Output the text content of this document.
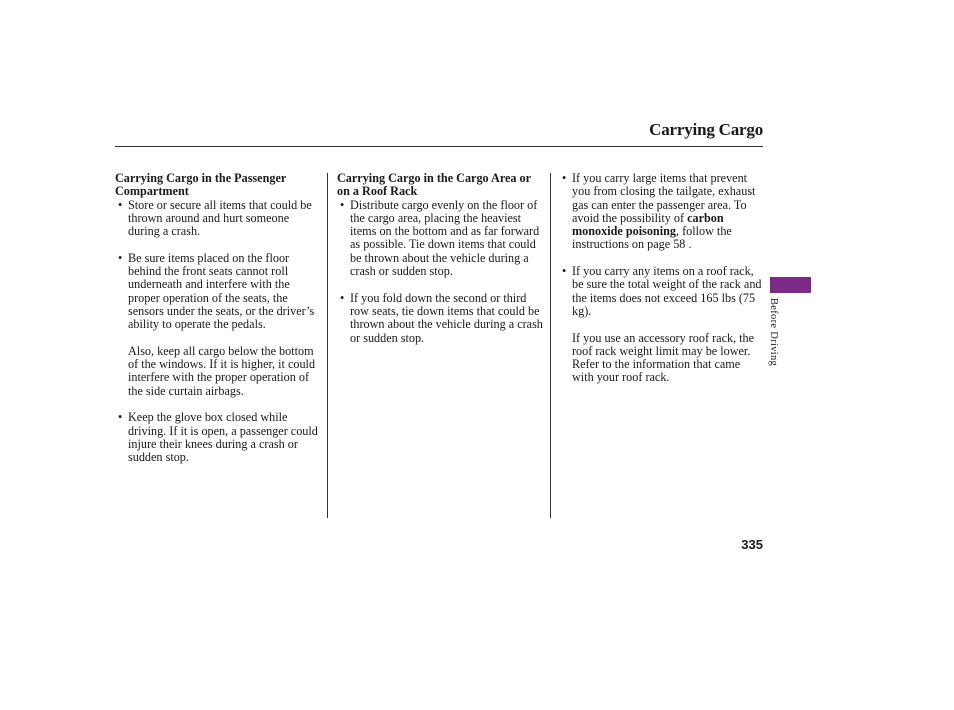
Carrying Cargo

Carrying Cargo in the Passenger Compartment

• Store or secure all items that could be thrown around and hurt someone during a crash.

• Be sure items placed on the floor behind the front seats cannot roll underneath and interfere with the proper operation of the seats, the sensors under the seats, or the driver’s ability to operate the pedals.

Also, keep all cargo below the bottom of the windows. If it is higher, it could interfere with the proper operation of the side curtain airbags.

• Keep the glove box closed while driving. If it is open, a passenger could injure their knees during a crash or sudden stop.

Carrying Cargo in the Cargo Area or on a Roof Rack

• Distribute cargo evenly on the floor of the cargo area, placing the heaviest items on the bottom and as far forward as possible. Tie down items that could be thrown about the vehicle during a crash or sudden stop.

• If you fold down the second or third row seats, tie down items that could be thrown about the vehicle during a crash or sudden stop.

• If you carry large items that prevent you from closing the tailgate, exhaust gas can enter the passenger area. To avoid the possibility of carbon monoxide poisoning, follow the instructions on page 58 .

• If you carry any items on a roof rack, be sure the total weight of the rack and the items does not exceed 165 lbs (75 kg).

If you use an accessory roof rack, the roof rack weight limit may be lower. Refer to the information that came with your roof rack.

Before Driving
335
